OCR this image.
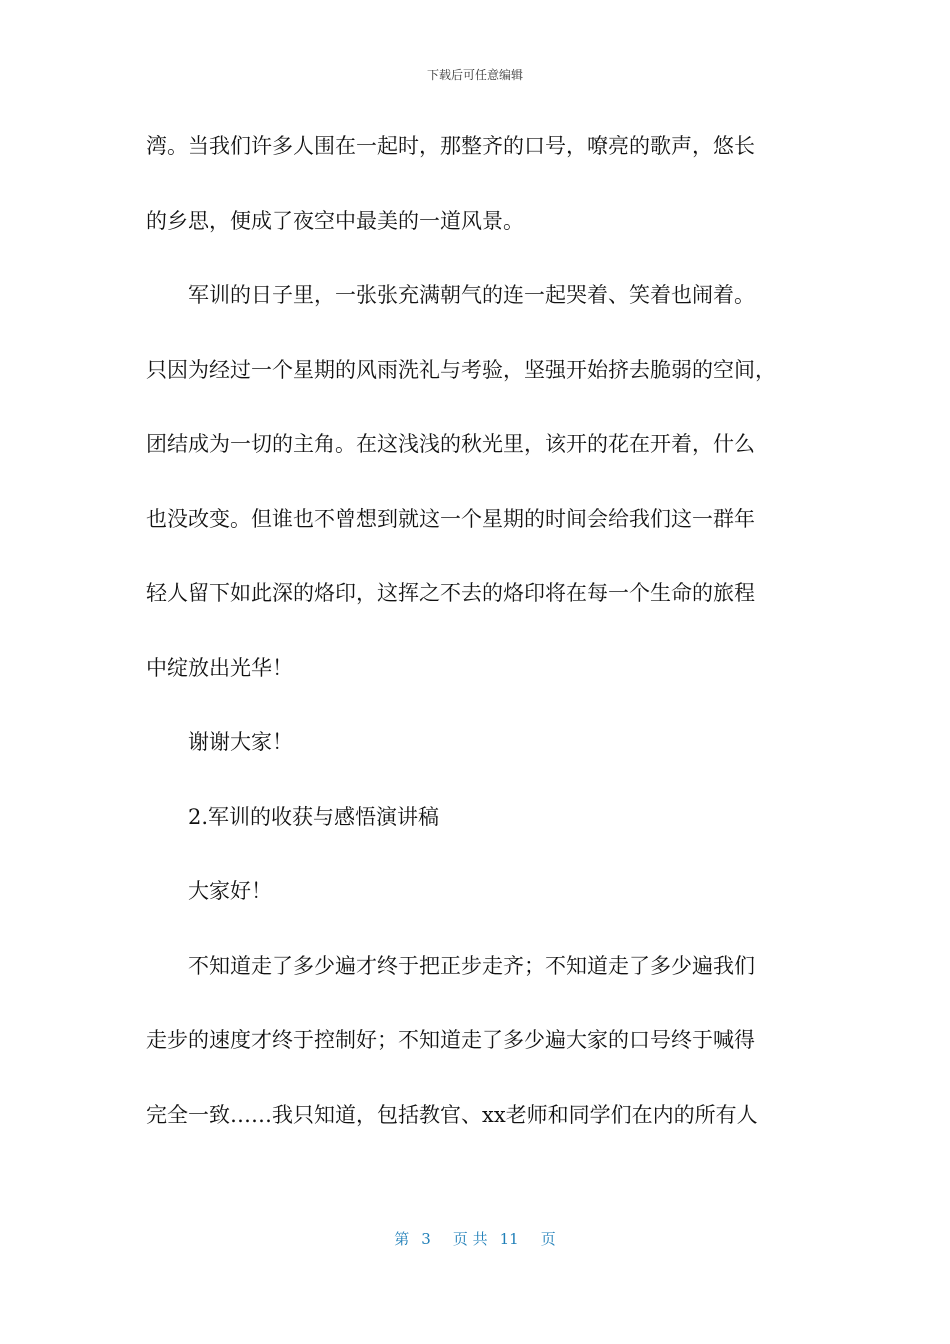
下载后可任意编辑
湾。当我们许多人围在一起时，那整齐的口号，嘹亮的歌声，悠长
的乡思，便成了夜空中最美的一道风景。
军训的日子里，一张张充满朝气的连一起哭着、笑着也闹着。
只因为经过一个星期的风雨洗礼与考验，坚强开始挤去脆弱的空间，
团结成为一切的主角。在这浅浅的秋光里，该开的花在开着，什么
也没改变。但谁也不曾想到就这一个星期的时间会给我们这一群年
轻人留下如此深的烙印，这挥之不去的烙印将在每一个生命的旅程
中绽放出光华！
谢谢大家！
2.军训的收获与感悟演讲稿
大家好！
不知道走了多少遍才终于把正步走齐；不知道走了多少遍我们
走步的速度才终于控制好；不知道走了多少遍大家的口号终于喊得
完全一致……我只知道，包括教官、xx老师和同学们在内的所有人
第 3 页 共 11 页
